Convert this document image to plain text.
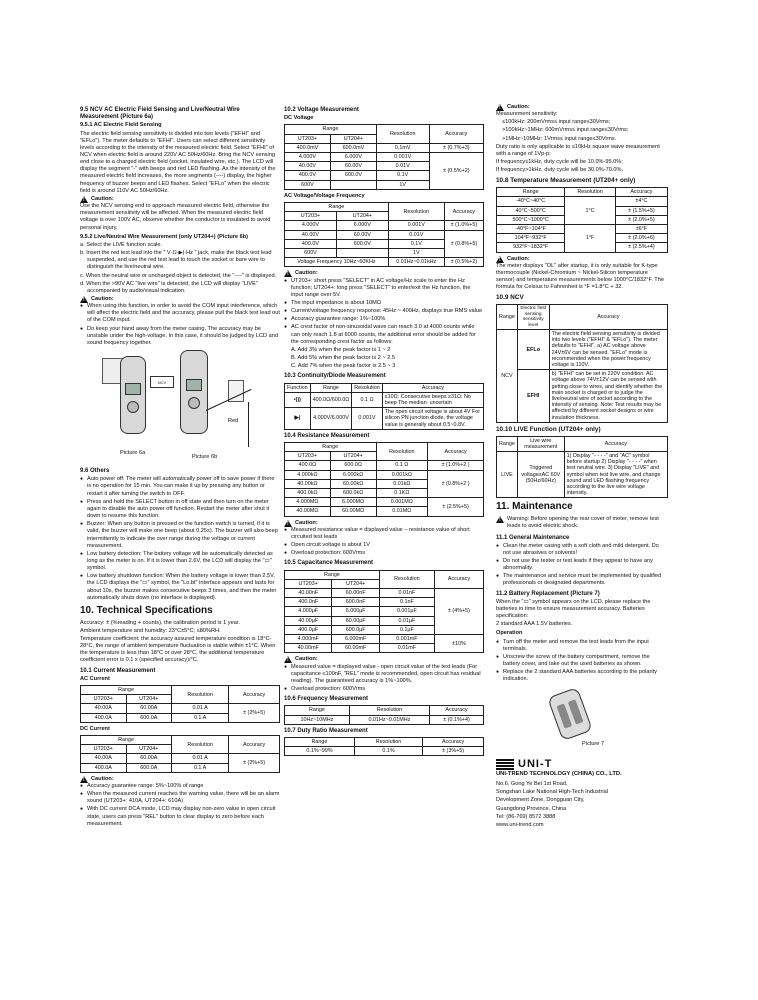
9.5 NCV AC Electric Field Sensing and Live/Neutral Wire Measurement (Picture 6a)

9.5.1 AC Electric Field Sensing

The electric field sensing sensitivity is divided into two levels ("EFHI" and "EFLo"). The meter defaults to "EFHI". Users can select different sensitivity levels according to the intensity of the measured electric field. Select "EFHI" of NCV when electric field is around 220V AC 50Hz/60Hz. Bring the NCV sensing end close to a charged electric field (socket, insulated wire, etc.). The LCD will display the segment "-" with beeps and red LED flashing. As the intensity of the measured electric field increases, the more segments (----) display, the higher frequency of buzzer beeps and LED flashes. Select "EFLo" when the electric field is around 110V AC 50Hz/60Hz.

!
Caution:

Use the NCV sensing end to approach measured electric field, otherwise the measurement sensitivity will be affected. When the measured electric field voltage is over 100V AC, observe whether the conductor is insulated to avoid personal injury.

9.5.2 Live/Neutral Wire Measurement (only UT204+) (Picture 6b)

a. Select the LIVE function scale.

b. Insert the red test lead into the " V·Ω·▶|·Hz " jack, make the black test lead suspended, and use the red test lead to touch the socket or bare wire to distinguish the live/neutral wire.

c. When the neutral wire or uncharged object is detected, the "----" is displayed.

d. When the >90V AC "live wire" is detected, the LCD will display "LIVE" accompanied by audio/visual indication.

!
Caution:

● When using this function, in order to avoid the COM input interference, which will affect the electric field and the accuracy, please pull the black test lead out of the COM input.

● Do keep your hand away from the meter casing. The accuracy may be unstable under the high-voltage. In this case, it should be judged by LCD and sound frequency together.

NCV
Red
Picture 6a
Picture 6b

9.6 Others

● Auto power off: The meter will automatically power off to save power if there is no operation for 15 min. You can make it up by pressing any button or restart it after turning the switch to OFF.

● Press and hold the SELECT button in off state and then turn on the meter again to disable the auto power off function. Restart the meter after shut it down to resume this function.

● Buzzer: When any button is pressed or the function switch is turned, if it is valid, the buzzer will make one beep (about 0.25s). The buzzer will also beep intermittently to indicate the over range during the voltage or current measurement.

● Low battery detection: The battery voltage will be automatically detected as long as the meter is on. If it is lower than 2.6V, the LCD will display the "▭" symbol.

● Low battery shutdown function: When the battery voltage is lower than 2.5V, the LCD displays the "▭" symbol, the "Lo.bt" interface appears and lasts for about 10s, the buzzer makes consecutive beeps 3 times, and then the meter automatically shuts down (no interface is displayed).

10. Technical Specifications

Accuracy: ± (%reading + counts), the calibration period is 1 year.

Ambient temperature and humidity: 23°C±5°C; ≤80%RH.

Temperature coefficient: the accuracy assured temperature condition is 18°C-28°C, the range of ambient temperature fluctuation is stable within ±1°C. When the temperature is less than 18°C or over 28°C, the additional temperature coefficient error is 0.1 x (specified accuracy)/°C.

10.1 Current Measurement

AC Current

Range		Resolution	Accuracy
UT203+	UT204+		
40.00A	60.00A	0.01 A	± (2%+5)
400.0A	600.0A	0.1 A	

DC Current

Range		Resolution	Accuracy
UT203+	UT204+		
40.00A	60.00A	0.01 A	± (2%+5)
400.0A	600.0A	0.1 A	
!
Caution:

● Accuracy guarantee range: 5%~100% of range

● When the measured current reaches the warning value, there will be an alarm sound (UT203+: 410A, UT204+: 610A)

● With DC current DCA mode, LCD may display non-zero value in open circuit state, users can press "REL" button to clear display to zero before each measurement.

10.2 Voltage Measurement

DC Voltage

Range		Resolution	Accuracy
UT203+	UT204+		
400.0mV	600.0mV	0.1mV	± (0.7%+3)
4.000V	6.000V	0.001V	± (0.5%+2)
40.00V	60.00V	0.01V	
400.0V	600.0V	0.1V	
600V		1V	

AC Voltage/Voltage Frequency

Range		Resolution	Accuracy
UT203+	UT204+		
4.000V	6.000V	0.001V	± (1.0%+5)
40.00V	60.00V	0.01V	± (0.8%+5)
400.0V	600.0V	0.1V	
600V		1V	
Voltage Frequency 10Hz~60KHz		0.01Hz~0.01kHz	± (0.5%+2)
!
Caution:

● UT203+: short press "SELECT" in AC voltage/Hz scale to enter the Hz function; UT204+: long press "SELECT" to enter/exit the Hz function, the input range over 5V.

● The input impedance is about 10MΩ

● Current/voltage frequency response: 45Hz ~ 400Hz, displays true RMS value

● Accuracy guarantee range: 1%~100%

● AC crest factor of non-sinusoidal wave can reach 3.0 at 4000 counts while can only reach 1.8 at 6000 counts, the additional error should be added for the corresponding crest factor as follows:

A. Add 3% when the peak factor is 1 ~ 2

B. Add 5% when the peak factor is 2 ~ 2.5

C. Add 7% when the peak factor is 2.5 ~ 3

10.3 Continuity/Diode Measurement

Function	Range	Resolution	Accuracy
•)))	400.0Ω/600.0Ω	0.1 Ω	≤10Ω: Consecutive beeps ≥31Ω: No beep The median: uncertain
▶|	4.000V/6.000V	0.001V	The open circuit voltage is about 4V For silicon PN junction diode, the voltage value is generally about 0.5~0.8V.

10.4 Resistance Measurement

Range		Resolution	Accuracy
UT203+	UT204+		
400.0Ω	600.0Ω	0.1 Ω	± (1.0%+2 )
4.000kΩ	6.000kΩ	0.001kΩ	± (0.8%+2 )
40.00kΩ	60.00kΩ	0.01kΩ	
400.0kΩ	600.0kΩ	0.1KΩ	
4.000MΩ	6.000MΩ	0.001MΩ	± (2.5%+5)
40.00MΩ	60.00MΩ	0.01MΩ	
!
Caution:

● Measured resistance value = displayed value – resistance value of short circuited test leads

● Open circuit voltage is about 1V

● Overload protection: 600Vrms

10.5 Capacitance Measurement

Range		Resolution	Accuracy
UT203+	UT204+		
40.00nF	60.00nF	0.01nF	± (4%+5)
400.0nF	600.0nF	0.1nF	
4.000μF	6.000μF	0.001μF	
40.00μF	60.00μF	0.01μF	
400.0μF	600.0μF	0.1μF	
4.000mF	6.000mF	0.001mF	±10%
40.00mF	60.00mF	0.01mF	
!
Caution:

● Measured value = displayed value - open circuit value of the test leads (For capacitance ≤100nF, "REL" mode is recommended, open circuit has residual reading). The guaranteed accuracy is 1%~100%.

● Overload protection: 600Vrms

10.6 Frequency Measurement

Range	Resolution	Accuracy
10Hz~10MHz	0.01Hz~0.01MHz	± (0.1%+4)

10.7 Duty Ratio Measurement

Range	Resolution	Accuracy
0.1%~99%	0.1%	± (3%+5)
!
Caution:

Measurement sensitivity:

≤100kHz: 200mVrms≤ input range≤30Vrms;

>100kHz~1MHz: 600mVrms≤ input range≤30Vrms;

>1MHz~10MHz: 1Vrms≤ input range≤30Vrms.

Duty ratio is only applicable to ≤10kHz square wave measurement with a range of 1Vp-p:

If frequency≤1kHz, duty cycle will be 10.0%-95.0%;

If frequency>1kHz, duty cycle will be 30.0%-70.0%.

10.8 Temperature Measurement (UT204+ only)

Range	Resolution	Accuracy
-40°C~40°C	1°C	±4°C
40°C~500°C		± (1.5%+5)
500°C~1000°C		± (2.0%+5)
-40°F~104°F	1°F	±6°F
104°F~932°F		± (2.0%+6)
932°F~1832°F		± (2.5%+4)
!
Caution:

The meter displays "OL" after startup, it is only suitable for K-type thermocouple (Nickel-Chromium ~ Nickel-Silicon temperature sensor) and temperature measurements below 1000°C/1832°F. The formula for Celsius to Fahrenheit is °F =1.8°C + 32.

10.9 NCV

Range	Electric field sensing sensitivity level	Accuracy
NCV	EFLo	The electric field sensing sensitivity is divided into two levels ("EFHI" & "EFLo"). The meter defaults to "EFHI". a) AC voltage above 24V±6V can be sensed. "EFLo" mode is recommended when the power frequency voltage is 110V.
	EFHI	b) "EFHI" can be set in 220V condition. AC voltage above 74V±12V can be sensed with getting close to wires, and identify whether the main socket is charged or to judge the live/neutral wire of socket according to the intensity of sensing. Note: Test results may be affected by different socket designs or wire insulation thickness.

10.10 LIVE Function (UT204+ only)

Range	Live wire measurement	Accuracy
LIVE	Triggered voltage≥AC 60V (50Hz/60Hz)	1) Display "- - - -" and "AC" symbol before startup 2) Display "- - - -" when test neutral wire. 3) Display "LIVE" and symbol when test live wire, and change sound and LED flashing frequency according to the live wire voltage intensity.

11. Maintenance

!

Warning: Before opening the rear cover of meter, remove test leads to avoid electric shock.

11.1 General Maintenance

● Clean the meter casing with a soft cloth and mild detergent. Do not use abrasives or solvents!

● Do not use the tester or test leads if they appear to have any abnormality.

● The maintenance and service must be implemented by qualified professionals or designated departments.

11.2 Battery Replacement (Picture 7)

When the "▭" symbol appears on the LCD, please replace the batteries in time to ensure measurement accuracy. Batteries specification:

2 standard AAA 1.5V batteries.

Operation

● Turn off the meter and remove the test leads from the input terminals.

● Unscrew the screw of the battery compartment, remove the battery cover, and take out the used batteries as shown.

● Replace the 2 standard AAA batteries according to the polarity indication.

Picture 7
UNI-T

UNI-TREND TECHNOLOGY (CHINA) CO., LTD.

No.6, Gong Ye Bei 1st Road,

Songshan Lake National High-Tech Industrial

Development Zone, Dongguan City,

Guangdong Province, China

Tel: (86-769) 8572 3888

www.uni-trend.com
